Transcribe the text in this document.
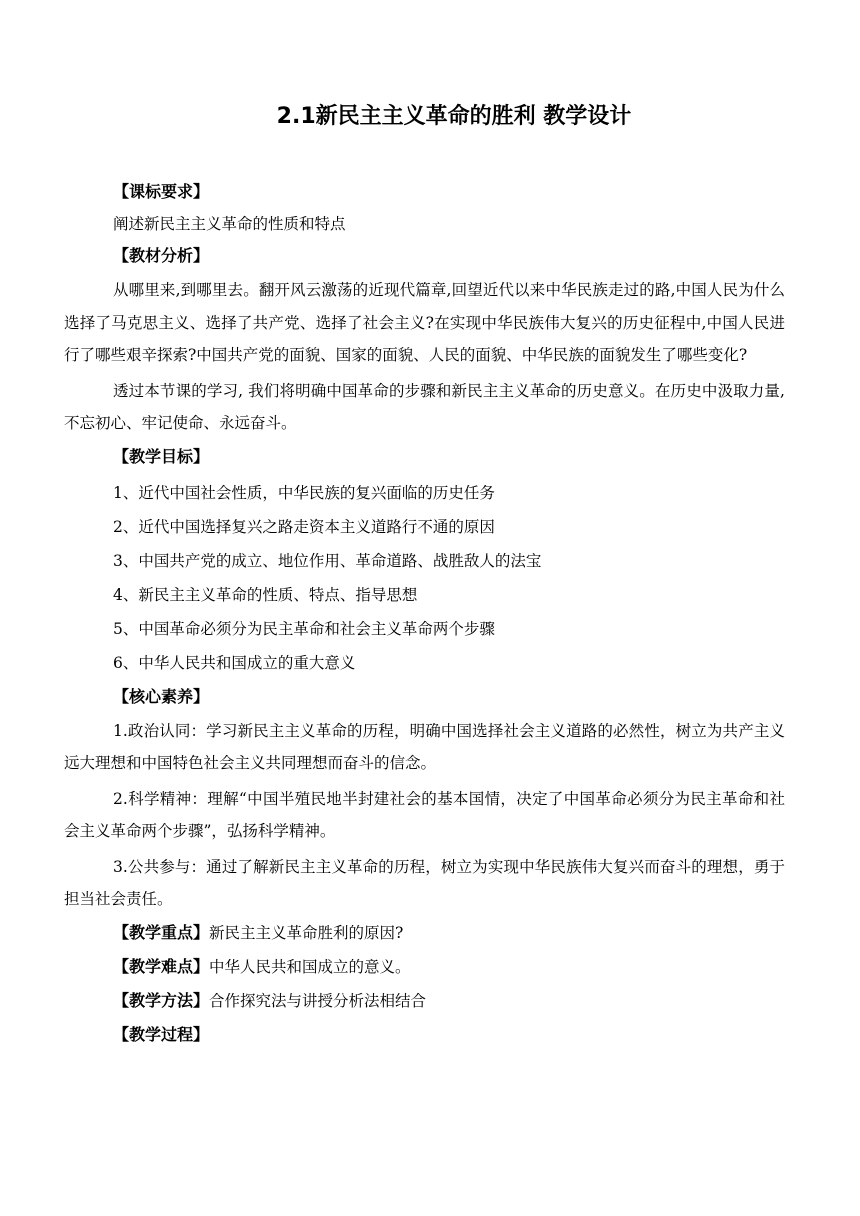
2.1新民主主义革命的胜利 教学设计
【课标要求】
阐述新民主主义革命的性质和特点
【教材分析】
从哪里来,到哪里去。翻开风云激荡的近现代篇章,回望近代以来中华民族走过的路,中国人民为什么选择了马克思主义、选择了共产党、选择了社会主义?在实现中华民族伟大复兴的历史征程中,中国人民进行了哪些艰辛探索?中国共产党的面貌、国家的面貌、人民的面貌、中华民族的面貌发生了哪些变化?
透过本节课的学习, 我们将明确中国革命的步骤和新民主主义革命的历史意义。在历史中汲取力量,不忘初心、牢记使命、永远奋斗。
【教学目标】
1、近代中国社会性质，中华民族的复兴面临的历史任务
2、近代中国选择复兴之路走资本主义道路行不通的原因
3、中国共产党的成立、地位作用、革命道路、战胜敌人的法宝
4、新民主主义革命的性质、特点、指导思想
5、中国革命必须分为民主革命和社会主义革命两个步骤
6、中华人民共和国成立的重大意义
【核心素养】
1.政治认同：学习新民主主义革命的历程，明确中国选择社会主义道路的必然性，树立为共产主义远大理想和中国特色社会主义共同理想而奋斗的信念。
2.科学精神：理解“中国半殖民地半封建社会的基本国情，决定了中国革命必须分为民主革命和社会主义革命两个步骤”，弘扬科学精神。
3.公共参与：通过了解新民主主义革命的历程，树立为实现中华民族伟大复兴而奋斗的理想，勇于担当社会责任。
【教学重点】新民主主义革命胜利的原因?
【教学难点】中华人民共和国成立的意义。
【教学方法】合作探究法与讲授分析法相结合
【教学过程】
